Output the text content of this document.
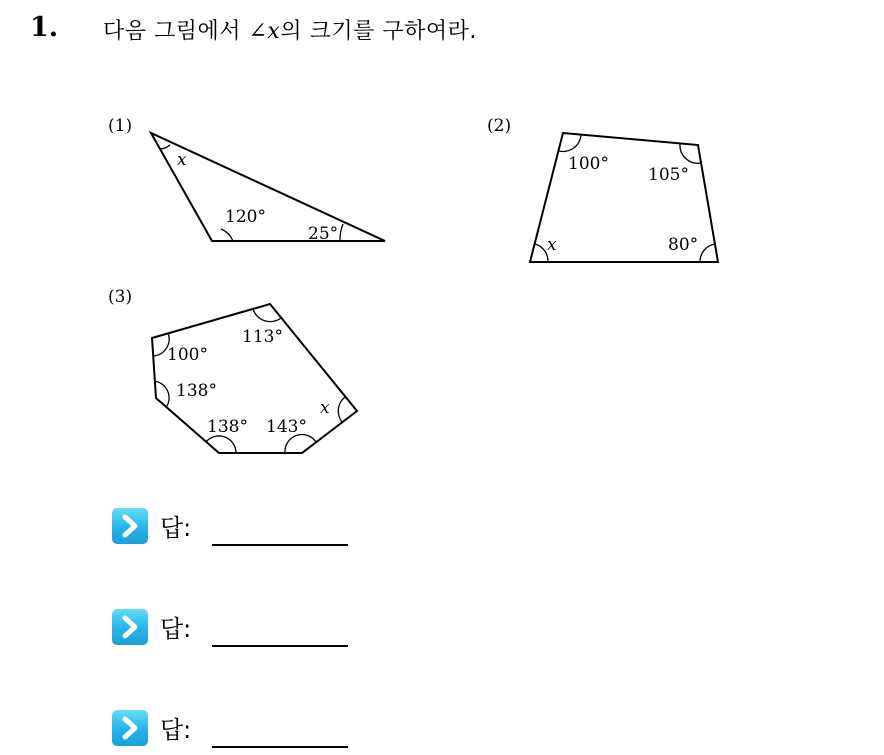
1. 다음 그림에서 ∠x의 크기를 구하여라.
(1)
x
120°
25°
(2)
100°
105°
x	80°
(3)
100°
113°
138°
138° 143°
x
답:
답:
답:
